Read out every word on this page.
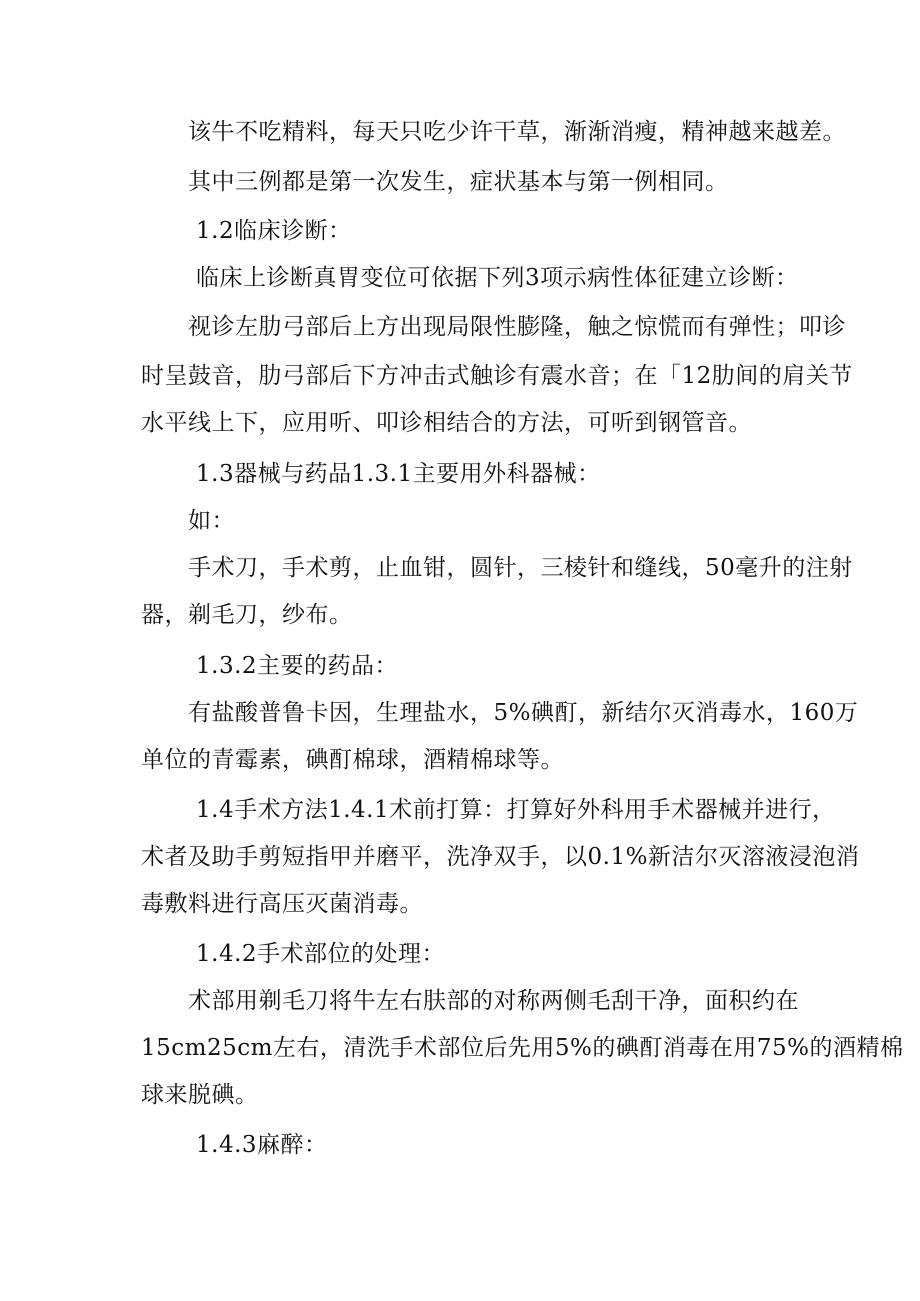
该牛不吃精料，每天只吃少许干草，渐渐消瘦，精神越来越差。
其中三例都是第一次发生，症状基本与第一例相同。
1.2临床诊断：
临床上诊断真胃变位可依据下列3项示病性体征建立诊断：
视诊左肋弓部后上方出现局限性膨隆，触之惊慌而有弹性；叩诊
时呈鼓音，肋弓部后下方冲击式触诊有震水音；在「12肋间的肩关节
水平线上下，应用听、叩诊相结合的方法，可听到钢管音。
1.3器械与药品1.3.1主要用外科器械：
如：
手术刀，手术剪，止血钳，圆针，三棱针和缝线，50毫升的注射
器，剃毛刀，纱布。
1.3.2主要的药品：
有盐酸普鲁卡因，生理盐水，5%碘酊，新结尔灭消毒水，160万
单位的青霉素，碘酊棉球，酒精棉球等。
1.4手术方法1.4.1术前打算：打算好外科用手术器械并进行，
术者及助手剪短指甲并磨平，洗净双手，以0.1%新洁尔灭溶液浸泡消
毒敷料进行高压灭菌消毒。
1.4.2手术部位的处理：
术部用剃毛刀将牛左右肤部的对称两侧毛刮干净，面积约在
15cm25cm左右，清洗手术部位后先用5%的碘酊消毒在用75%的酒精棉
球来脱碘。
1.4.3麻醉：
